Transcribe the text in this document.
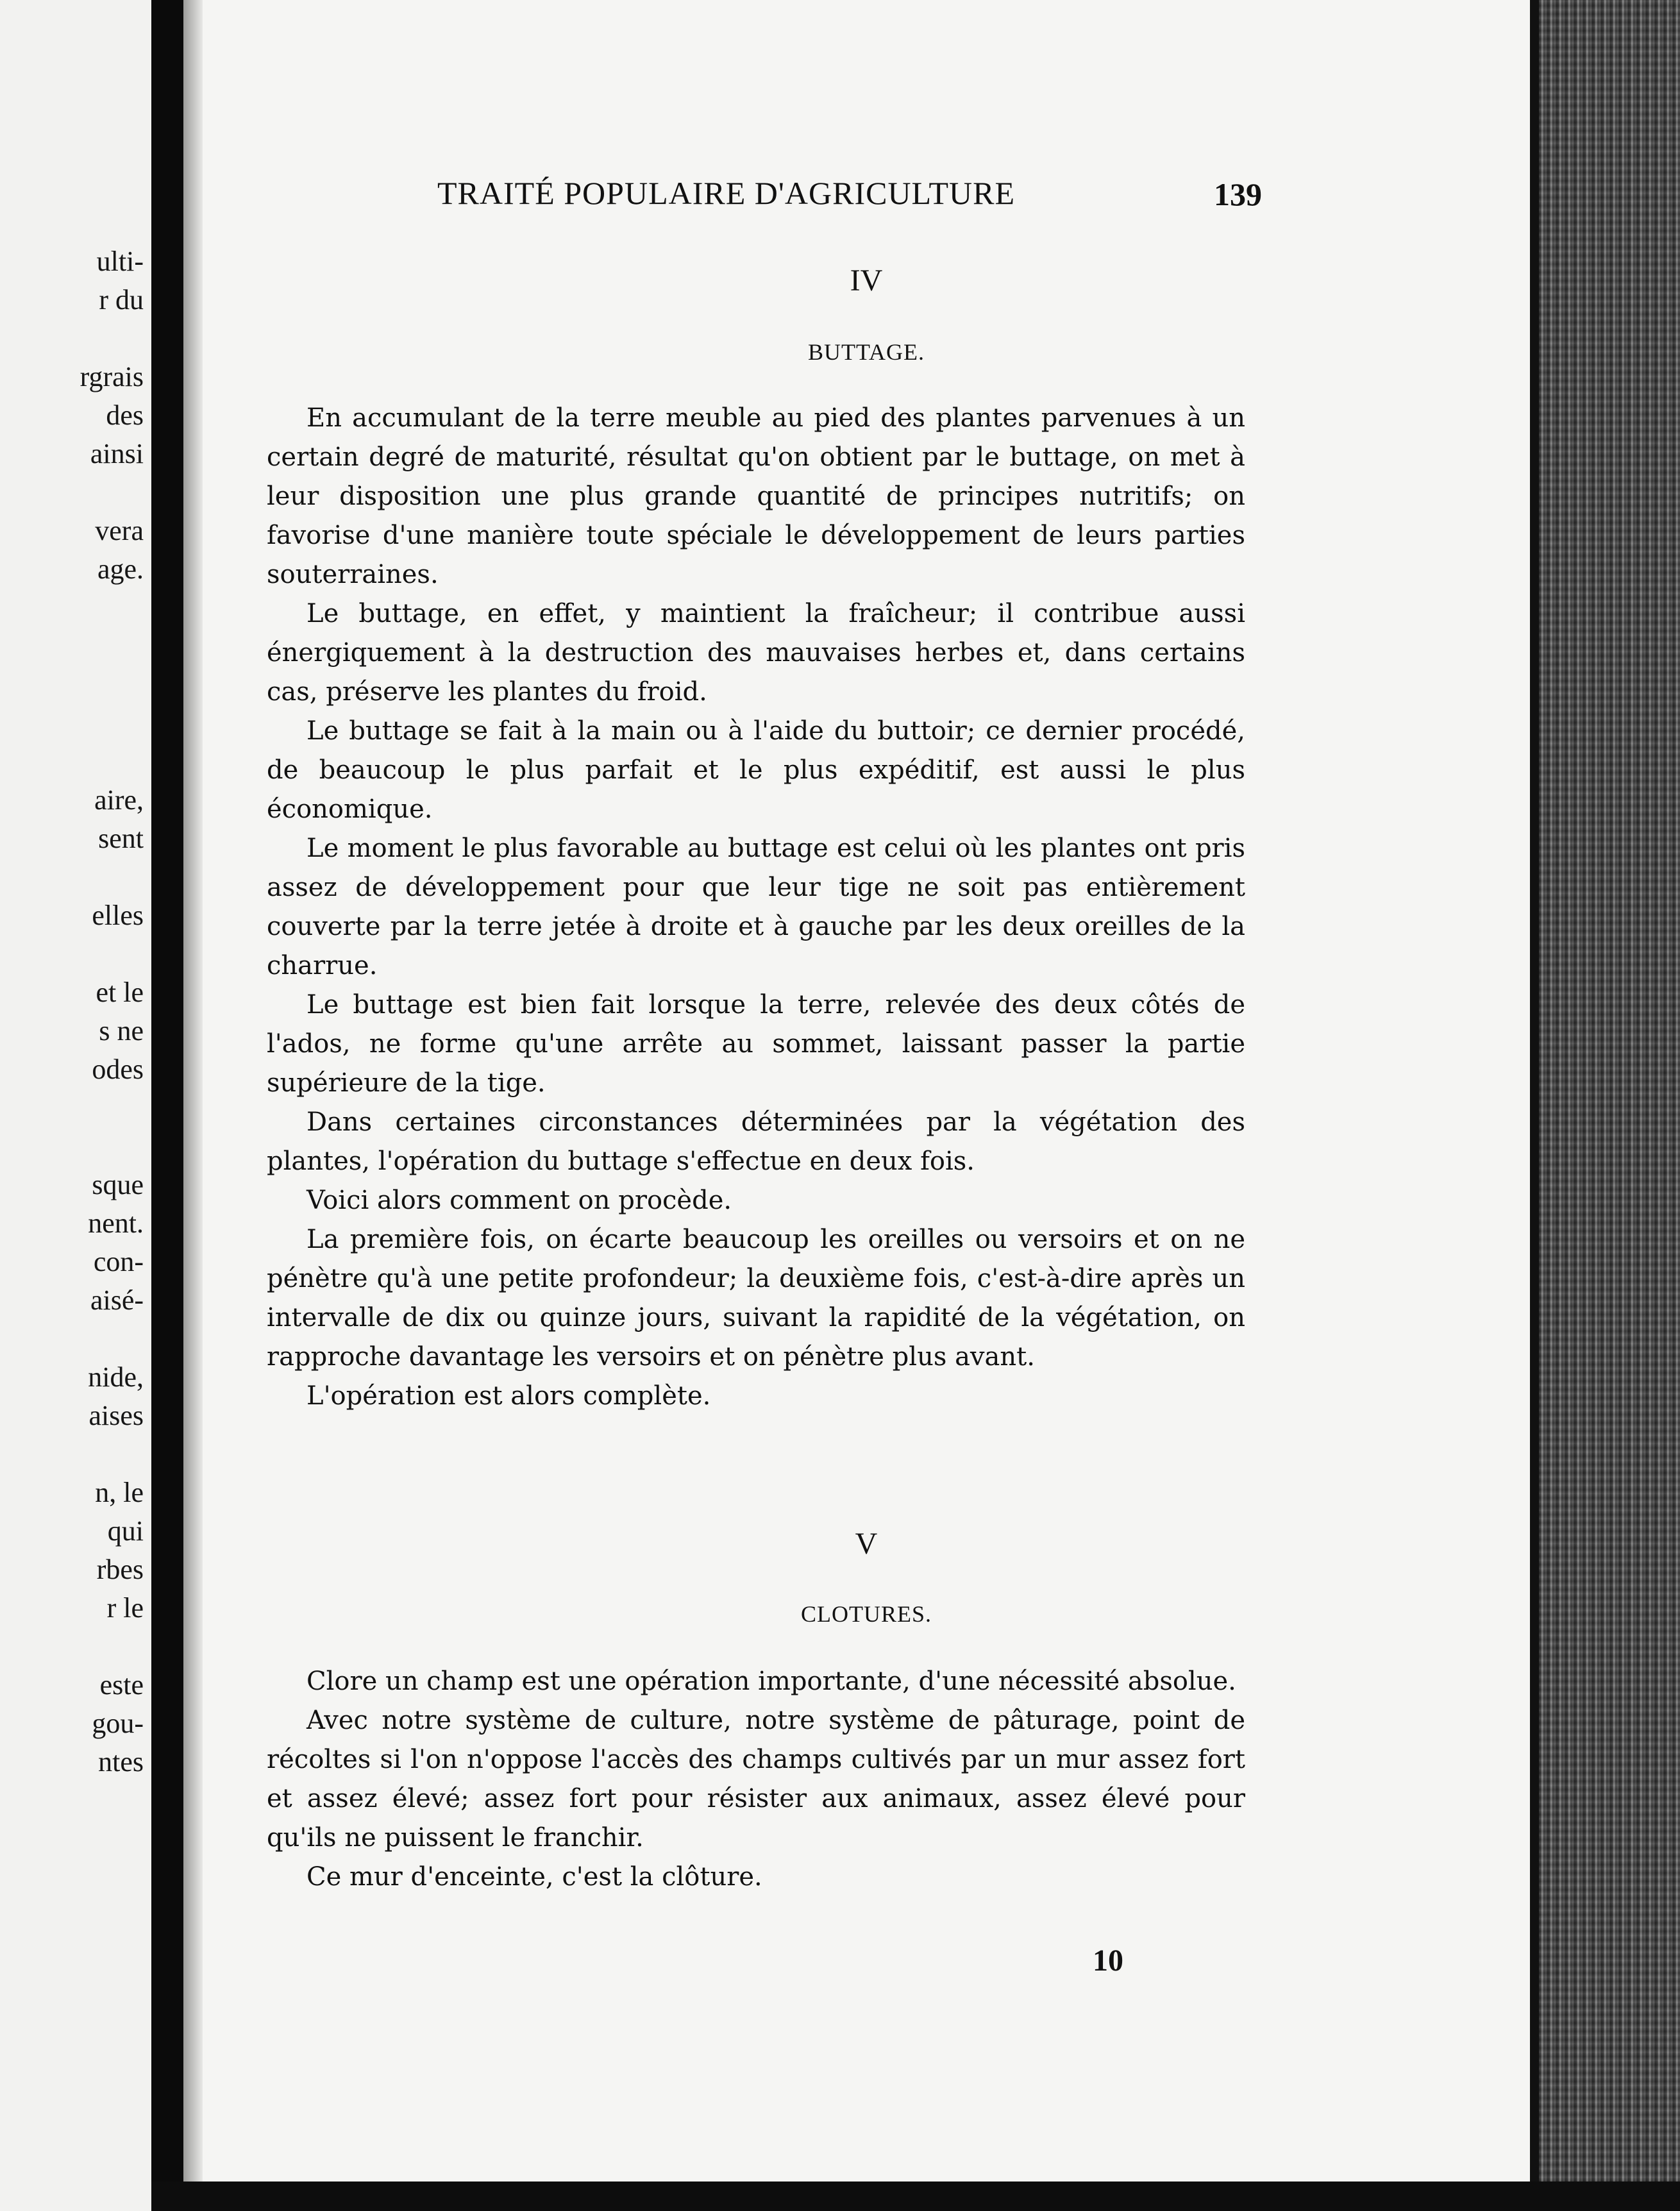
ulti-
r du
rgrais
des
ainsi
vera
age.
aire,
sent
elles
et le
s ne
odes
sque
nent.
con-
aisé-
nide,
aises
n, le
qui
rbes
r le
este
gou-
ntes
TRAITÉ POPULAIRE D'AGRICULTURE	139
IV
BUTTAGE.

En accumulant de la terre meuble au pied des plantes parvenues à un certain degré de maturité, résultat qu'on obtient par le buttage, on met à leur disposition une plus grande quantité de principes nutritifs; on favorise d'une manière toute spéciale le développement de leurs parties souterraines.

Le buttage, en effet, y maintient la fraîcheur; il contribue aussi énergiquement à la destruction des mauvaises herbes et, dans certains cas, préserve les plantes du froid.

Le buttage se fait à la main ou à l'aide du buttoir; ce dernier procédé, de beaucoup le plus parfait et le plus expéditif, est aussi le plus économique.

Le moment le plus favorable au buttage est celui où les plantes ont pris assez de développement pour que leur tige ne soit pas entièrement couverte par la terre jetée à droite et à gauche par les deux oreilles de la charrue.

Le buttage est bien fait lorsque la terre, relevée des deux côtés de l'ados, ne forme qu'une arrête au sommet, laissant passer la partie supérieure de la tige.

Dans certaines circonstances déterminées par la végétation des plantes, l'opération du buttage s'effectue en deux fois.

Voici alors comment on procède.

La première fois, on écarte beaucoup les oreilles ou versoirs et on ne pénètre qu'à une petite profondeur; la deuxième fois, c'est-à-dire après un intervalle de dix ou quinze jours, suivant la rapidité de la végétation, on rapproche davantage les versoirs et on pénètre plus avant.

L'opération est alors complète.

V
CLOTURES.

Clore un champ est une opération importante, d'une nécessité absolue.

Avec notre système de culture, notre système de pâturage, point de récoltes si l'on n'oppose l'accès des champs cultivés par un mur assez fort et assez élevé; assez fort pour résister aux animaux, assez élevé pour qu'ils ne puissent le franchir.

Ce mur d'enceinte, c'est la clôture.

10
